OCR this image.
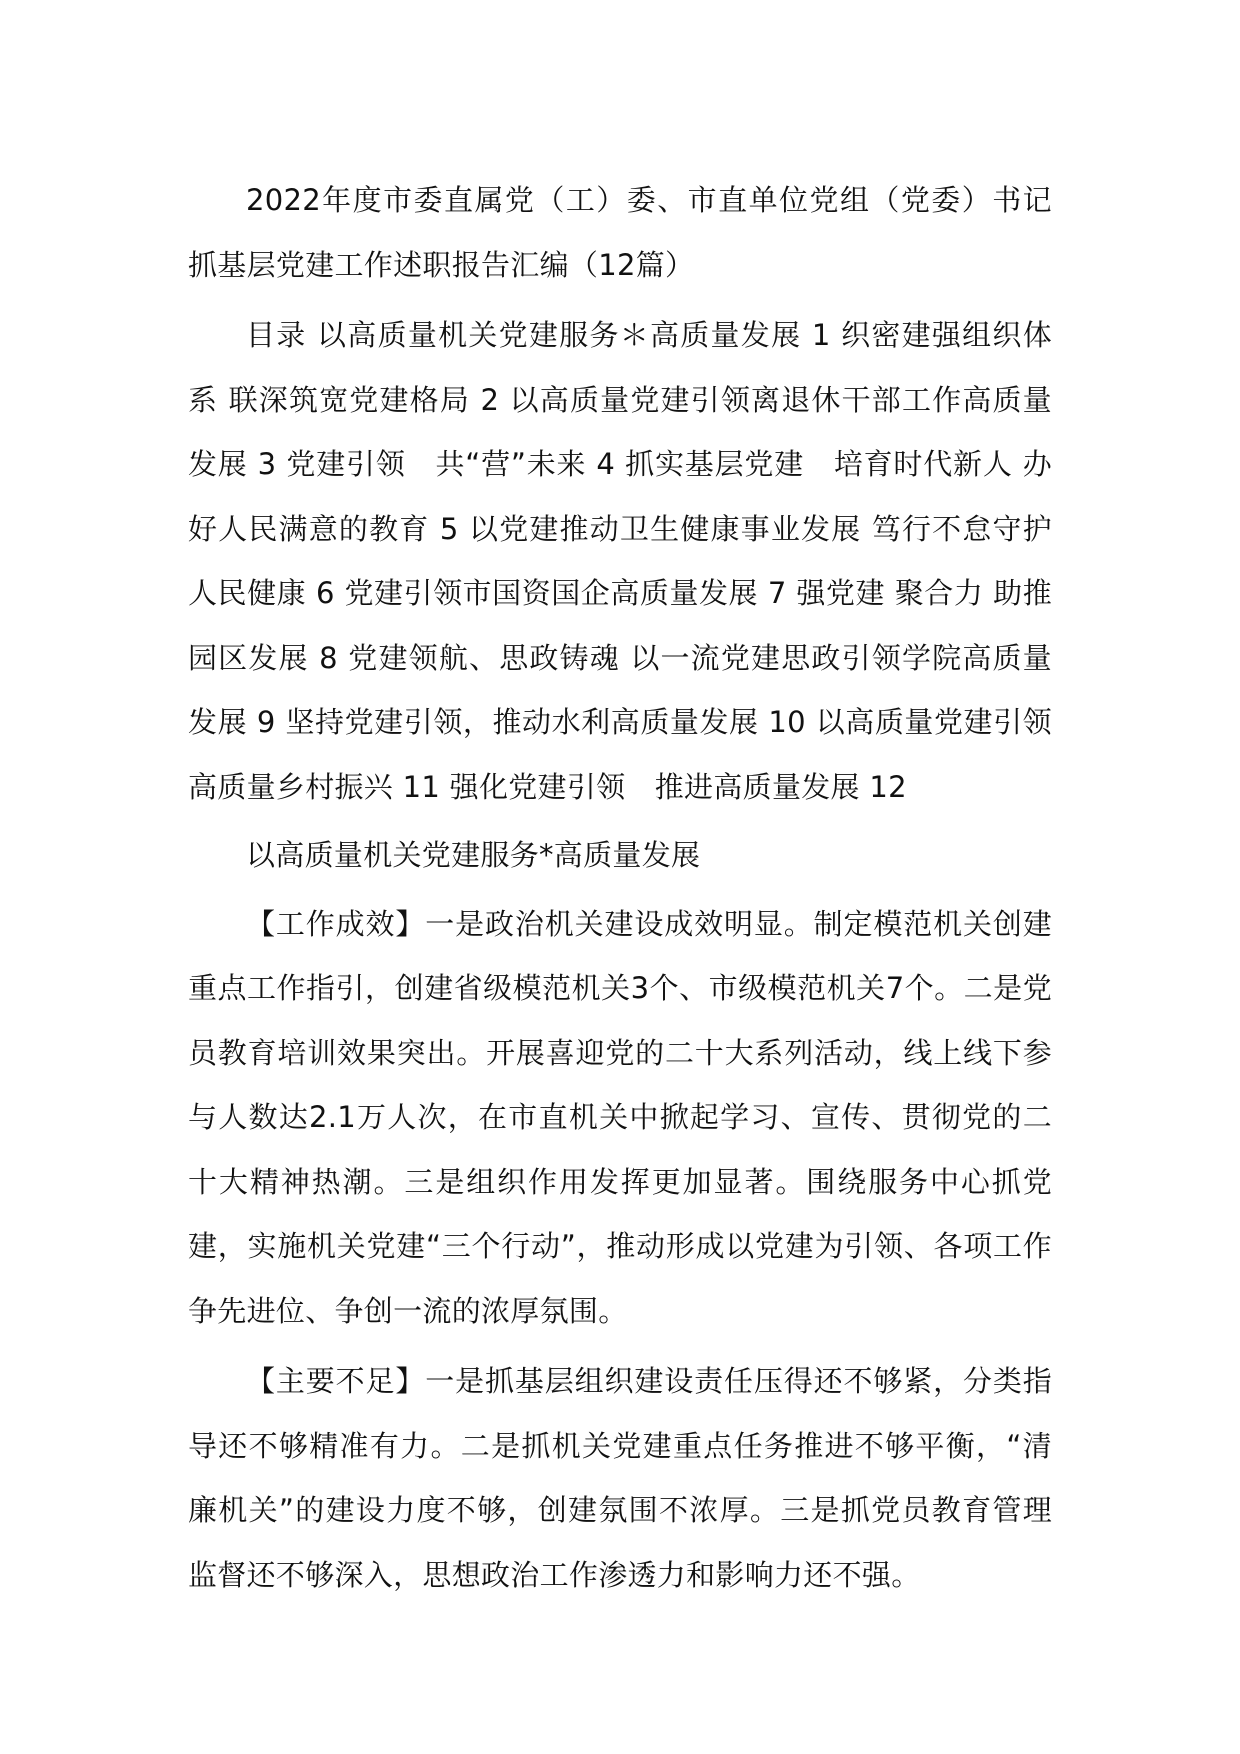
2022年度市委直属党（工）委、市直单位党组（党委）书记抓基层党建工作述职报告汇编（12篇）

目录 以高质量机关党建服务＊高质量发展 1 织密建强组织体系 联深筑宽党建格局 2 以高质量党建引领离退休干部工作高质量发展 3 党建引领　共“营”未来 4 抓实基层党建　培育时代新人 办好人民满意的教育 5 以党建推动卫生健康事业发展 笃行不怠守护人民健康 6 党建引领市国资国企高质量发展 7 强党建 聚合力 助推园区发展 8 党建领航、思政铸魂 以一流党建思政引领学院高质量发展 9 坚持党建引领，推动水利高质量发展 10 以高质量党建引领高质量乡村振兴 11 强化党建引领　推进高质量发展 12

以高质量机关党建服务*高质量发展

【工作成效】一是政治机关建设成效明显。制定模范机关创建重点工作指引，创建省级模范机关3个、市级模范机关7个。二是党员教育培训效果突出。开展喜迎党的二十大系列活动，线上线下参与人数达2.1万人次，在市直机关中掀起学习、宣传、贯彻党的二十大精神热潮。三是组织作用发挥更加显著。围绕服务中心抓党建，实施机关党建“三个行动”，推动形成以党建为引领、各项工作争先进位、争创一流的浓厚氛围。

【主要不足】一是抓基层组织建设责任压得还不够紧，分类指导还不够精准有力。二是抓机关党建重点任务推进不够平衡，“清廉机关”的建设力度不够，创建氛围不浓厚。三是抓党员教育管理监督还不够深入，思想政治工作渗透力和影响力还不强。
